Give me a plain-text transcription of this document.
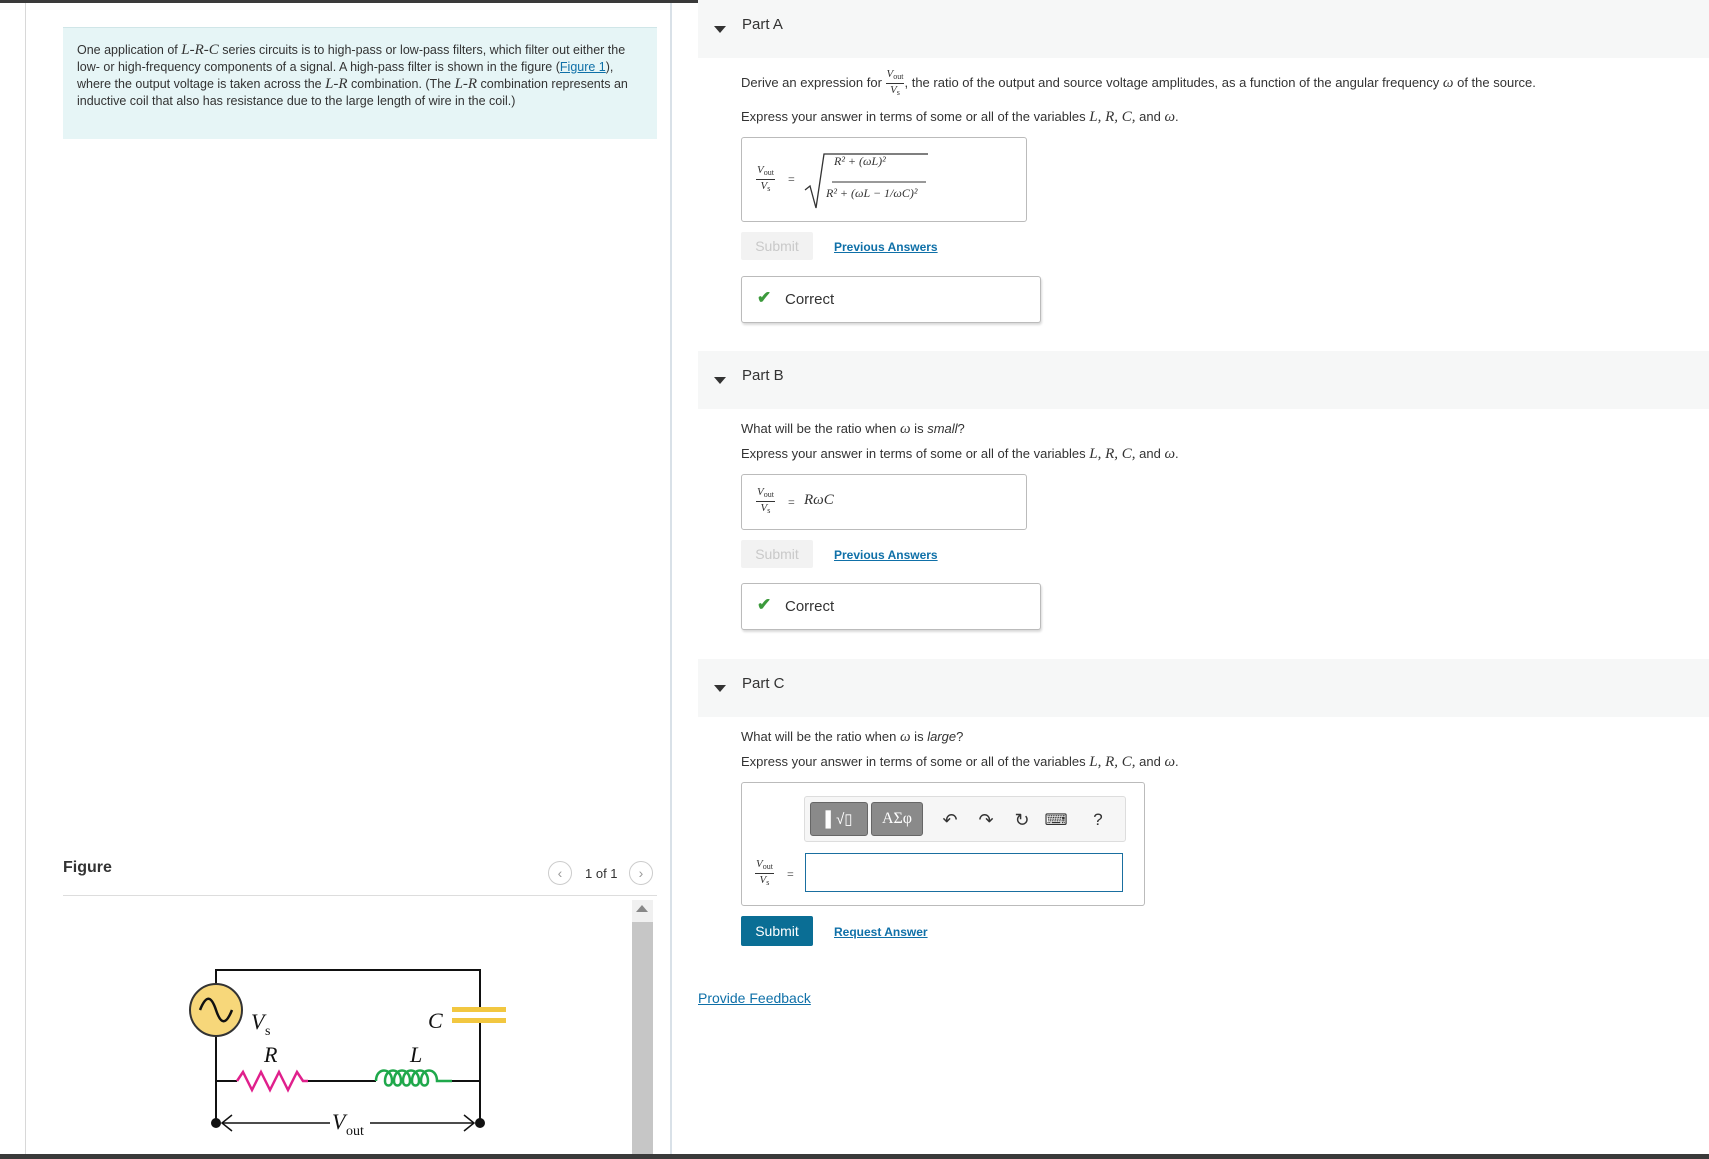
One application of L-R-C series circuits is to high-pass or low-pass filters, which filter out either the low- or high-frequency components of a signal. A high-pass filter is shown in the figure (Figure 1), where the output voltage is taken across the L-R combination. (The L-R combination represents an inductive coil that also has resistance due to the large length of wire in the coil.)
Figure	‹ 1 of 1 ›
V s
R	L
C
V out
Part A
Derive an expression for $\frac{V_{out}}{V_s}$ , the ratio of the output and source voltage amplitudes, as a function of the angular frequency ω of the source.
Express your answer in terms of some or all of the variables L, R, C, and ω.
$V_{out}$
$V_s$
=
R² + (ωL)²
R² + (ωL − 1/ωC)²
Submit	Previous Answers
✔ Correct
Part B
What will be the ratio when ω is small?
Express your answer in terms of some or all of the variables L, R, C, and ω.
$V_{out}$
$V_s$
= RωC
Submit	Previous Answers
✔ Correct
Part C
What will be the ratio when ω is large?
Express your answer in terms of some or all of the variables L, R, C, and ω.
▌√▯	ΑΣφ	↶	↷	↻ ⌨	?
$V_{out}$
$V_s$
=
Submit	Request Answer
Provide Feedback
